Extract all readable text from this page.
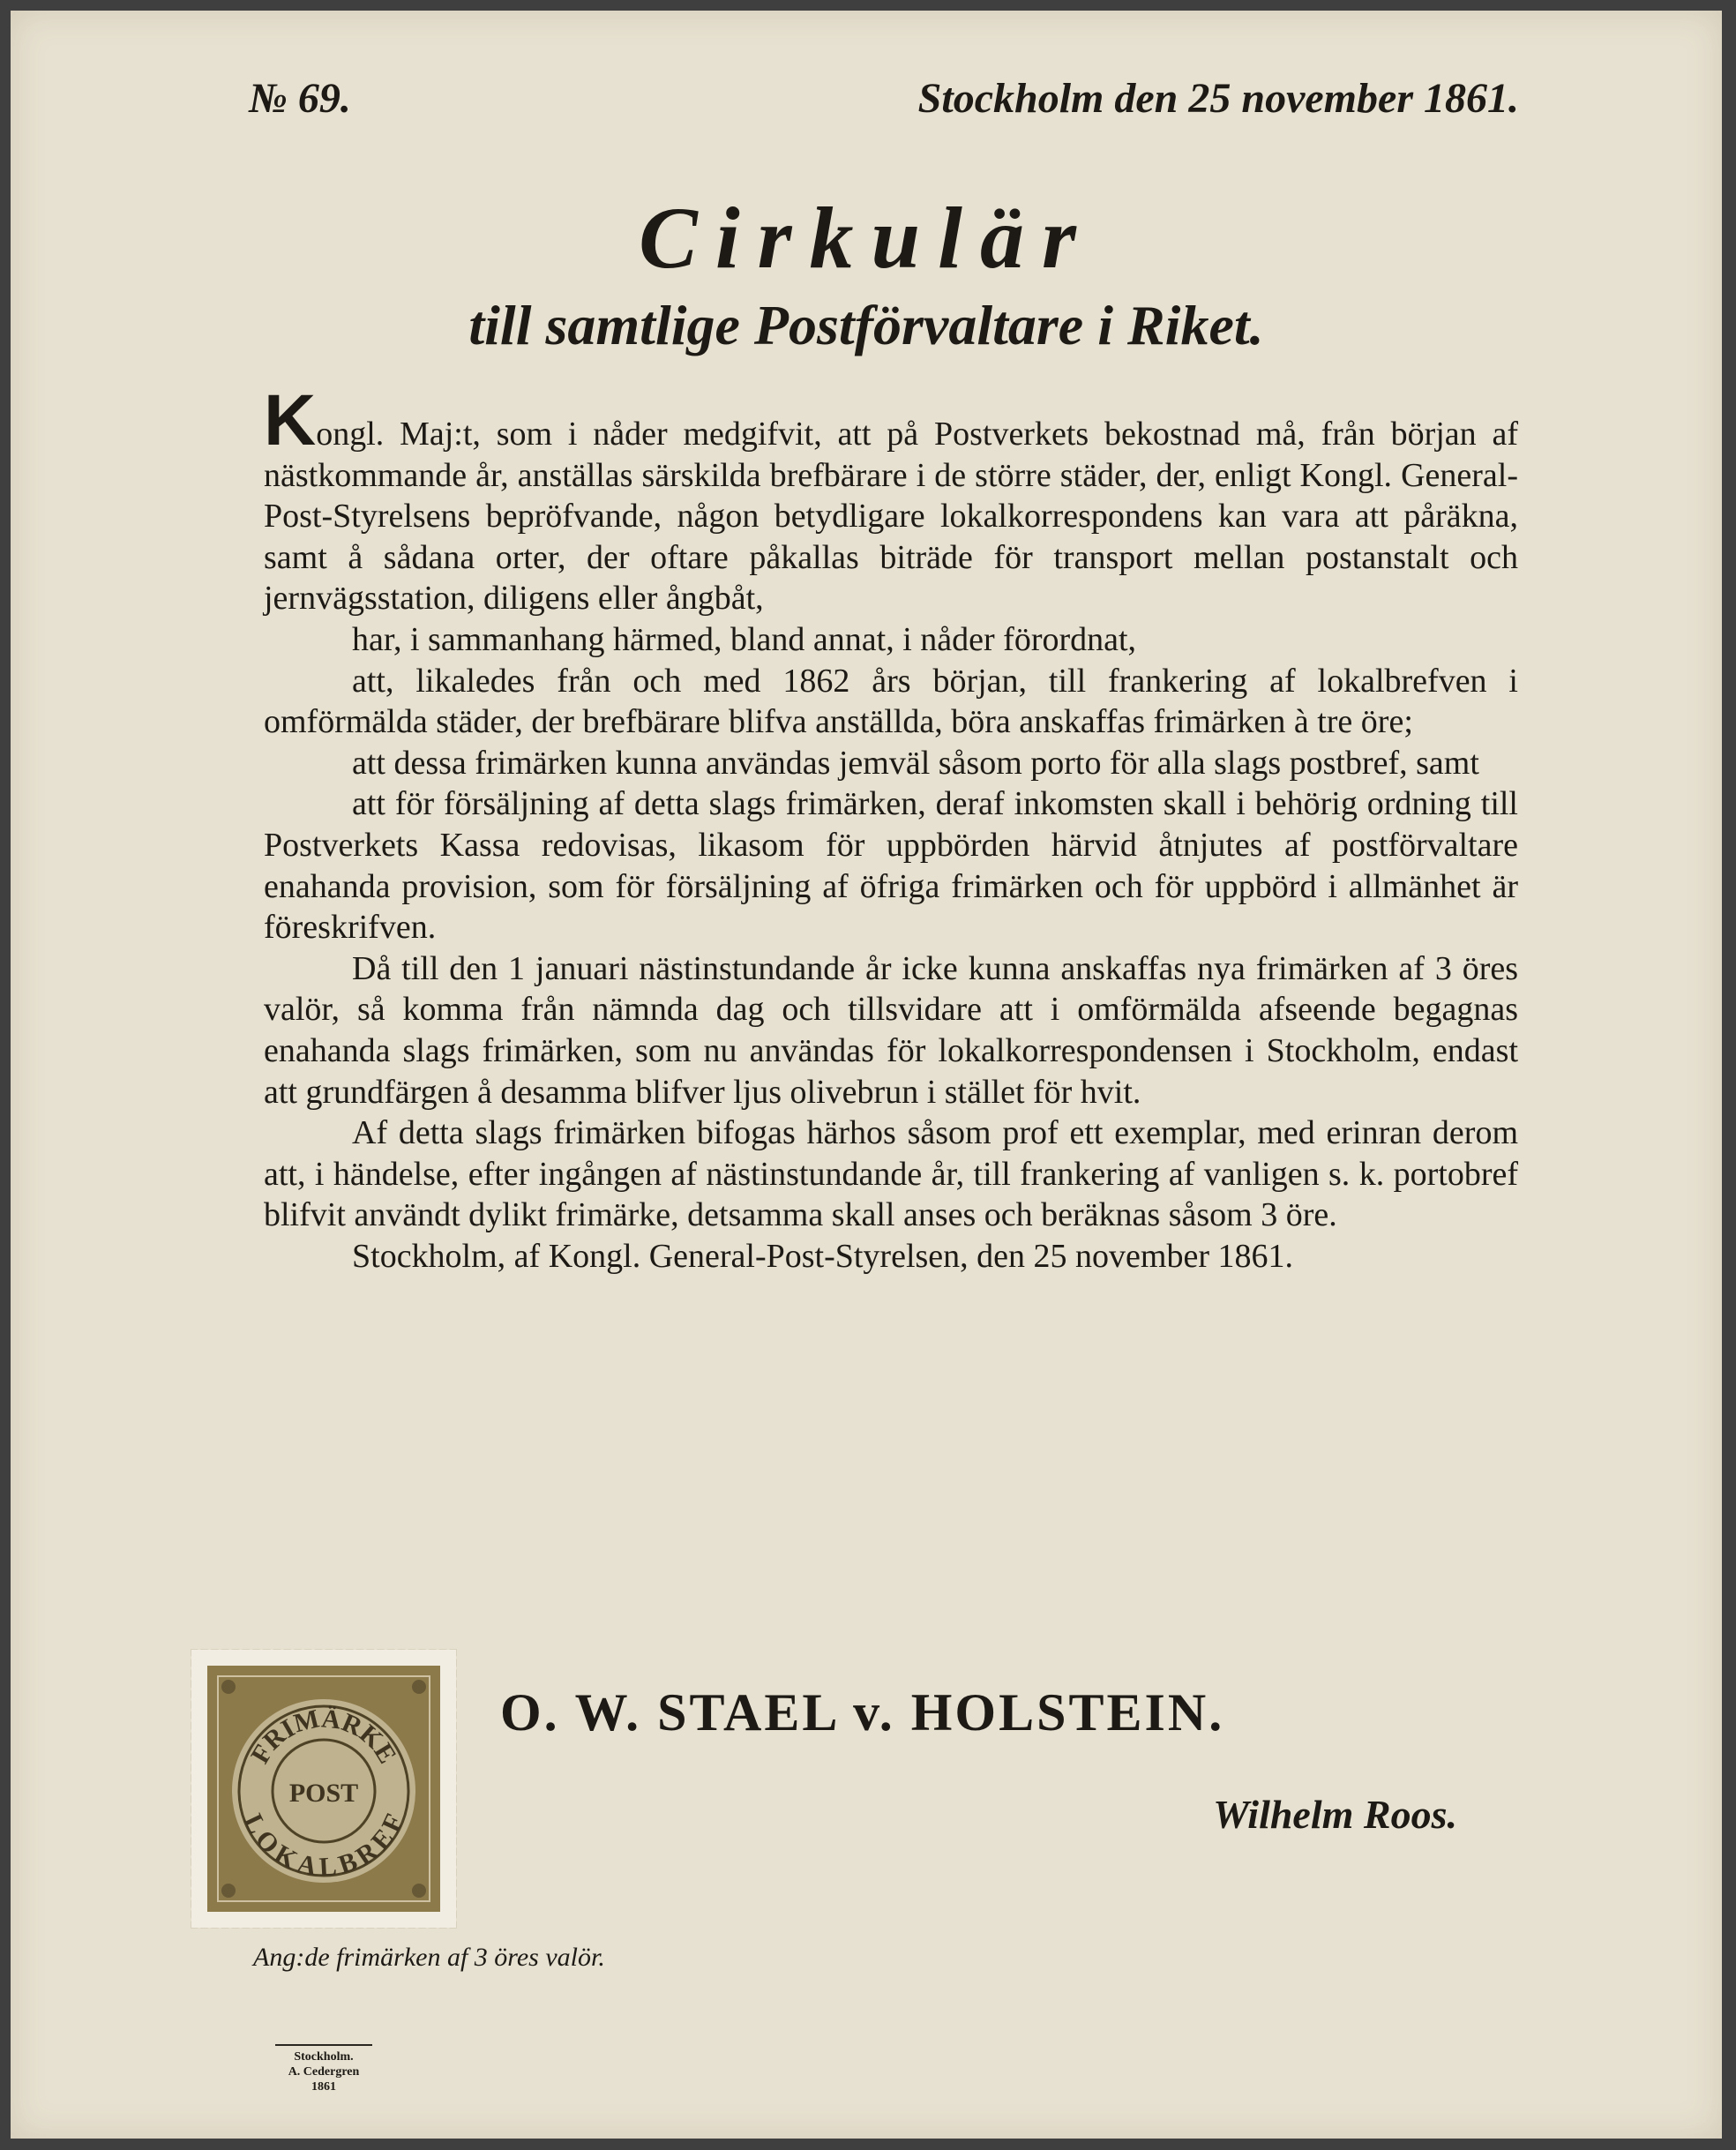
№ 69.	Stockholm den 25 november 1861.
Cirkulär
till samtlige Postförvaltare i Riket.

Kongl. Maj:t, som i nåder medgifvit, att på Postverkets bekostnad må, från början af nästkommande år, anställas särskilda brefbärare i de större städer, der, enligt Kongl. General-Post-Styrelsens bepröfvande, någon betydligare lokalkorrespondens kan vara att påräkna, samt å sådana orter, der oftare påkallas biträde för transport mellan postanstalt och jernvägsstation, diligens eller ångbåt,

har, i sammanhang härmed, bland annat, i nåder förordnat,

att, likaledes från och med 1862 års början, till frankering af lokalbrefven i omförmälda städer, der brefbärare blifva anställda, böra anskaffas frimärken à tre öre;

att dessa frimärken kunna användas jemväl såsom porto för alla slags postbref, samt

att för försäljning af detta slags frimärken, deraf inkomsten skall i behörig ordning till Postverkets Kassa redovisas, likasom för uppbörden härvid åtnjutes af postförvaltare enahanda provision, som för försäljning af öfriga frimärken och för uppbörd i allmänhet är föreskrifven.

Då till den 1 januari nästinstundande år icke kunna anskaffas nya frimärken af 3 öres valör, så komma från nämnda dag och tillsvidare att i omförmälda afseende begagnas enahanda slags frimärken, som nu användas för lokalkorrespondensen i Stockholm, endast att grundfärgen å desamma blifver ljus olivebrun i stället för hvit.

Af detta slags frimärken bifogas härhos såsom prof ett exemplar, med erinran derom att, i händelse, efter ingången af nästinstundande år, till frankering af vanligen s. k. portobref blifvit användt dylikt frimärke, detsamma skall anses och beräknas såsom 3 öre.

Stockholm, af Kongl. General-Post-Styrelsen, den 25 november 1861.

FRIMÄRKE
LOKALBREF
POST
O. W. STAEL v. HOLSTEIN.
Wilhelm Roos.
Ang:de frimärken af 3 öres valör.
Stockholm.
A. Cedergren
1861
